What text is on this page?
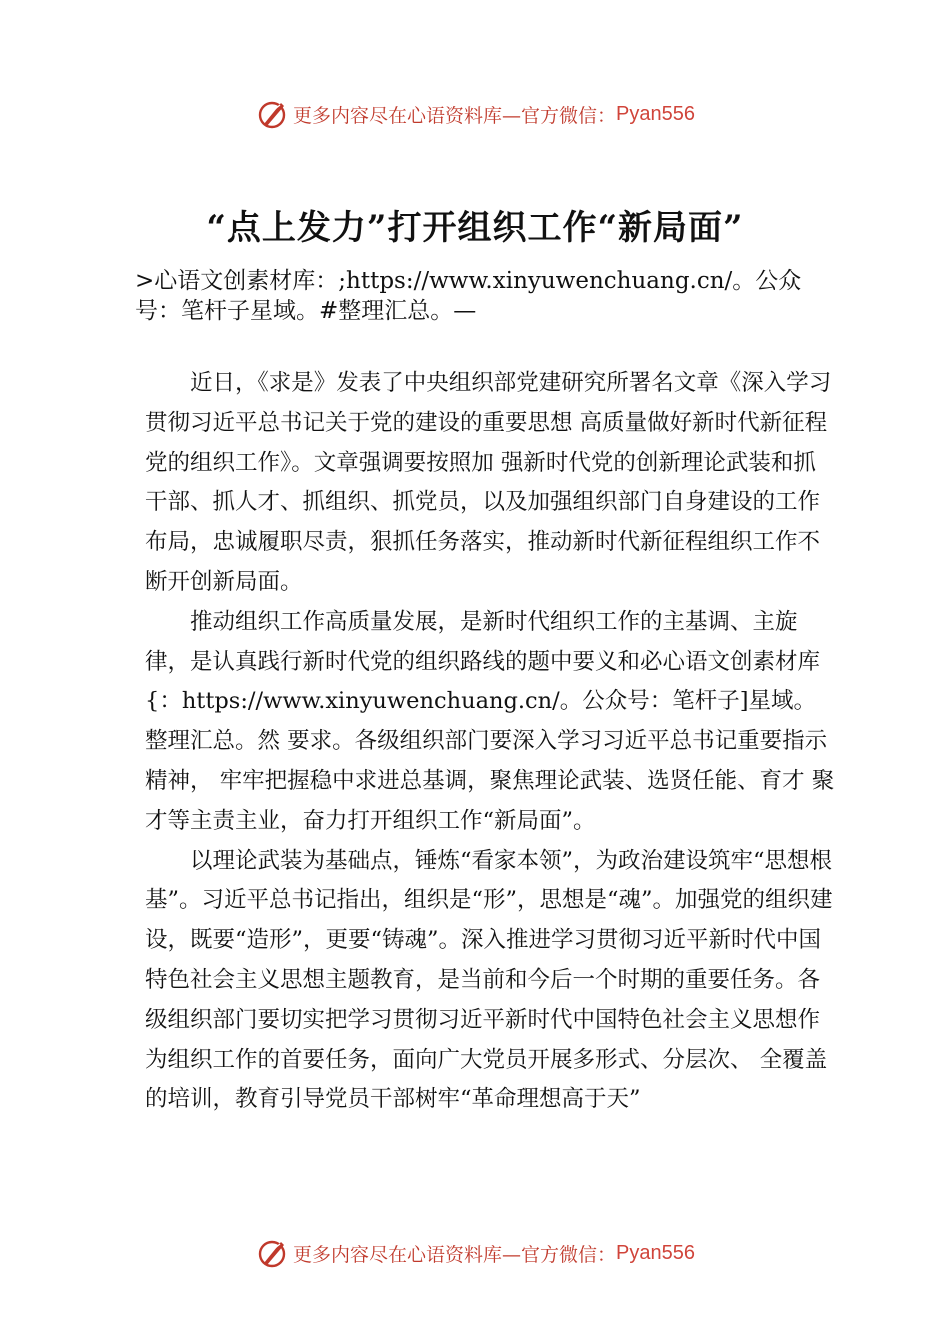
更多内容尽在心语资料库—官方微信： Pyan556
“点上发力”打开组织工作“新局面”

>心语文创素材库：;https://www.xinyuwenchuang.cn/。公众号：笔杆子星域。#整理汇总。—

近日，《求是》发表了中央组织部党建研究所署名文章《深入学习贯彻习近平总书记关于党的建设的重要思想 高质量做好新时代新征程党的组织工作》。文章强调要按照加 强新时代党的创新理论武装和抓干部、抓人才、抓组织、抓党员，以及加强组织部门自身建设的工作布局，忠诚履职尽责，狠抓任务落实，推动新时代新征程组织工作不断开创新局面。

推动组织工作高质量发展，是新时代组织工作的主基调、主旋律，是认真践行新时代党的组织路线的题中要义和必心语文创素材库{：https://www.xinyuwenchuang.cn/。公众号：笔杆子]星域。整理汇总。然 要求。各级组织部门要深入学习习近平总书记重要指示精神， 牢牢把握稳中求进总基调，聚焦理论武装、选贤任能、育才 聚才等主责主业，奋力打开组织工作“新局面”。

以理论武装为基础点，锤炼“看家本领”，为政治建设筑牢“思想根基”。习近平总书记指出，组织是“形”，思想是“魂”。加强党的组织建设，既要“造形”，更要“铸魂”。深入推进学习贯彻习近平新时代中国特色社会主义思想主题教育，是当前和今后一个时期的重要任务。各级组织部门要切实把学习贯彻习近平新时代中国特色社会主义思想作为组织工作的首要任务，面向广大党员开展多形式、分层次、 全覆盖的培训，教育引导党员干部树牢“革命理想高于天”

更多内容尽在心语资料库—官方微信： Pyan556
